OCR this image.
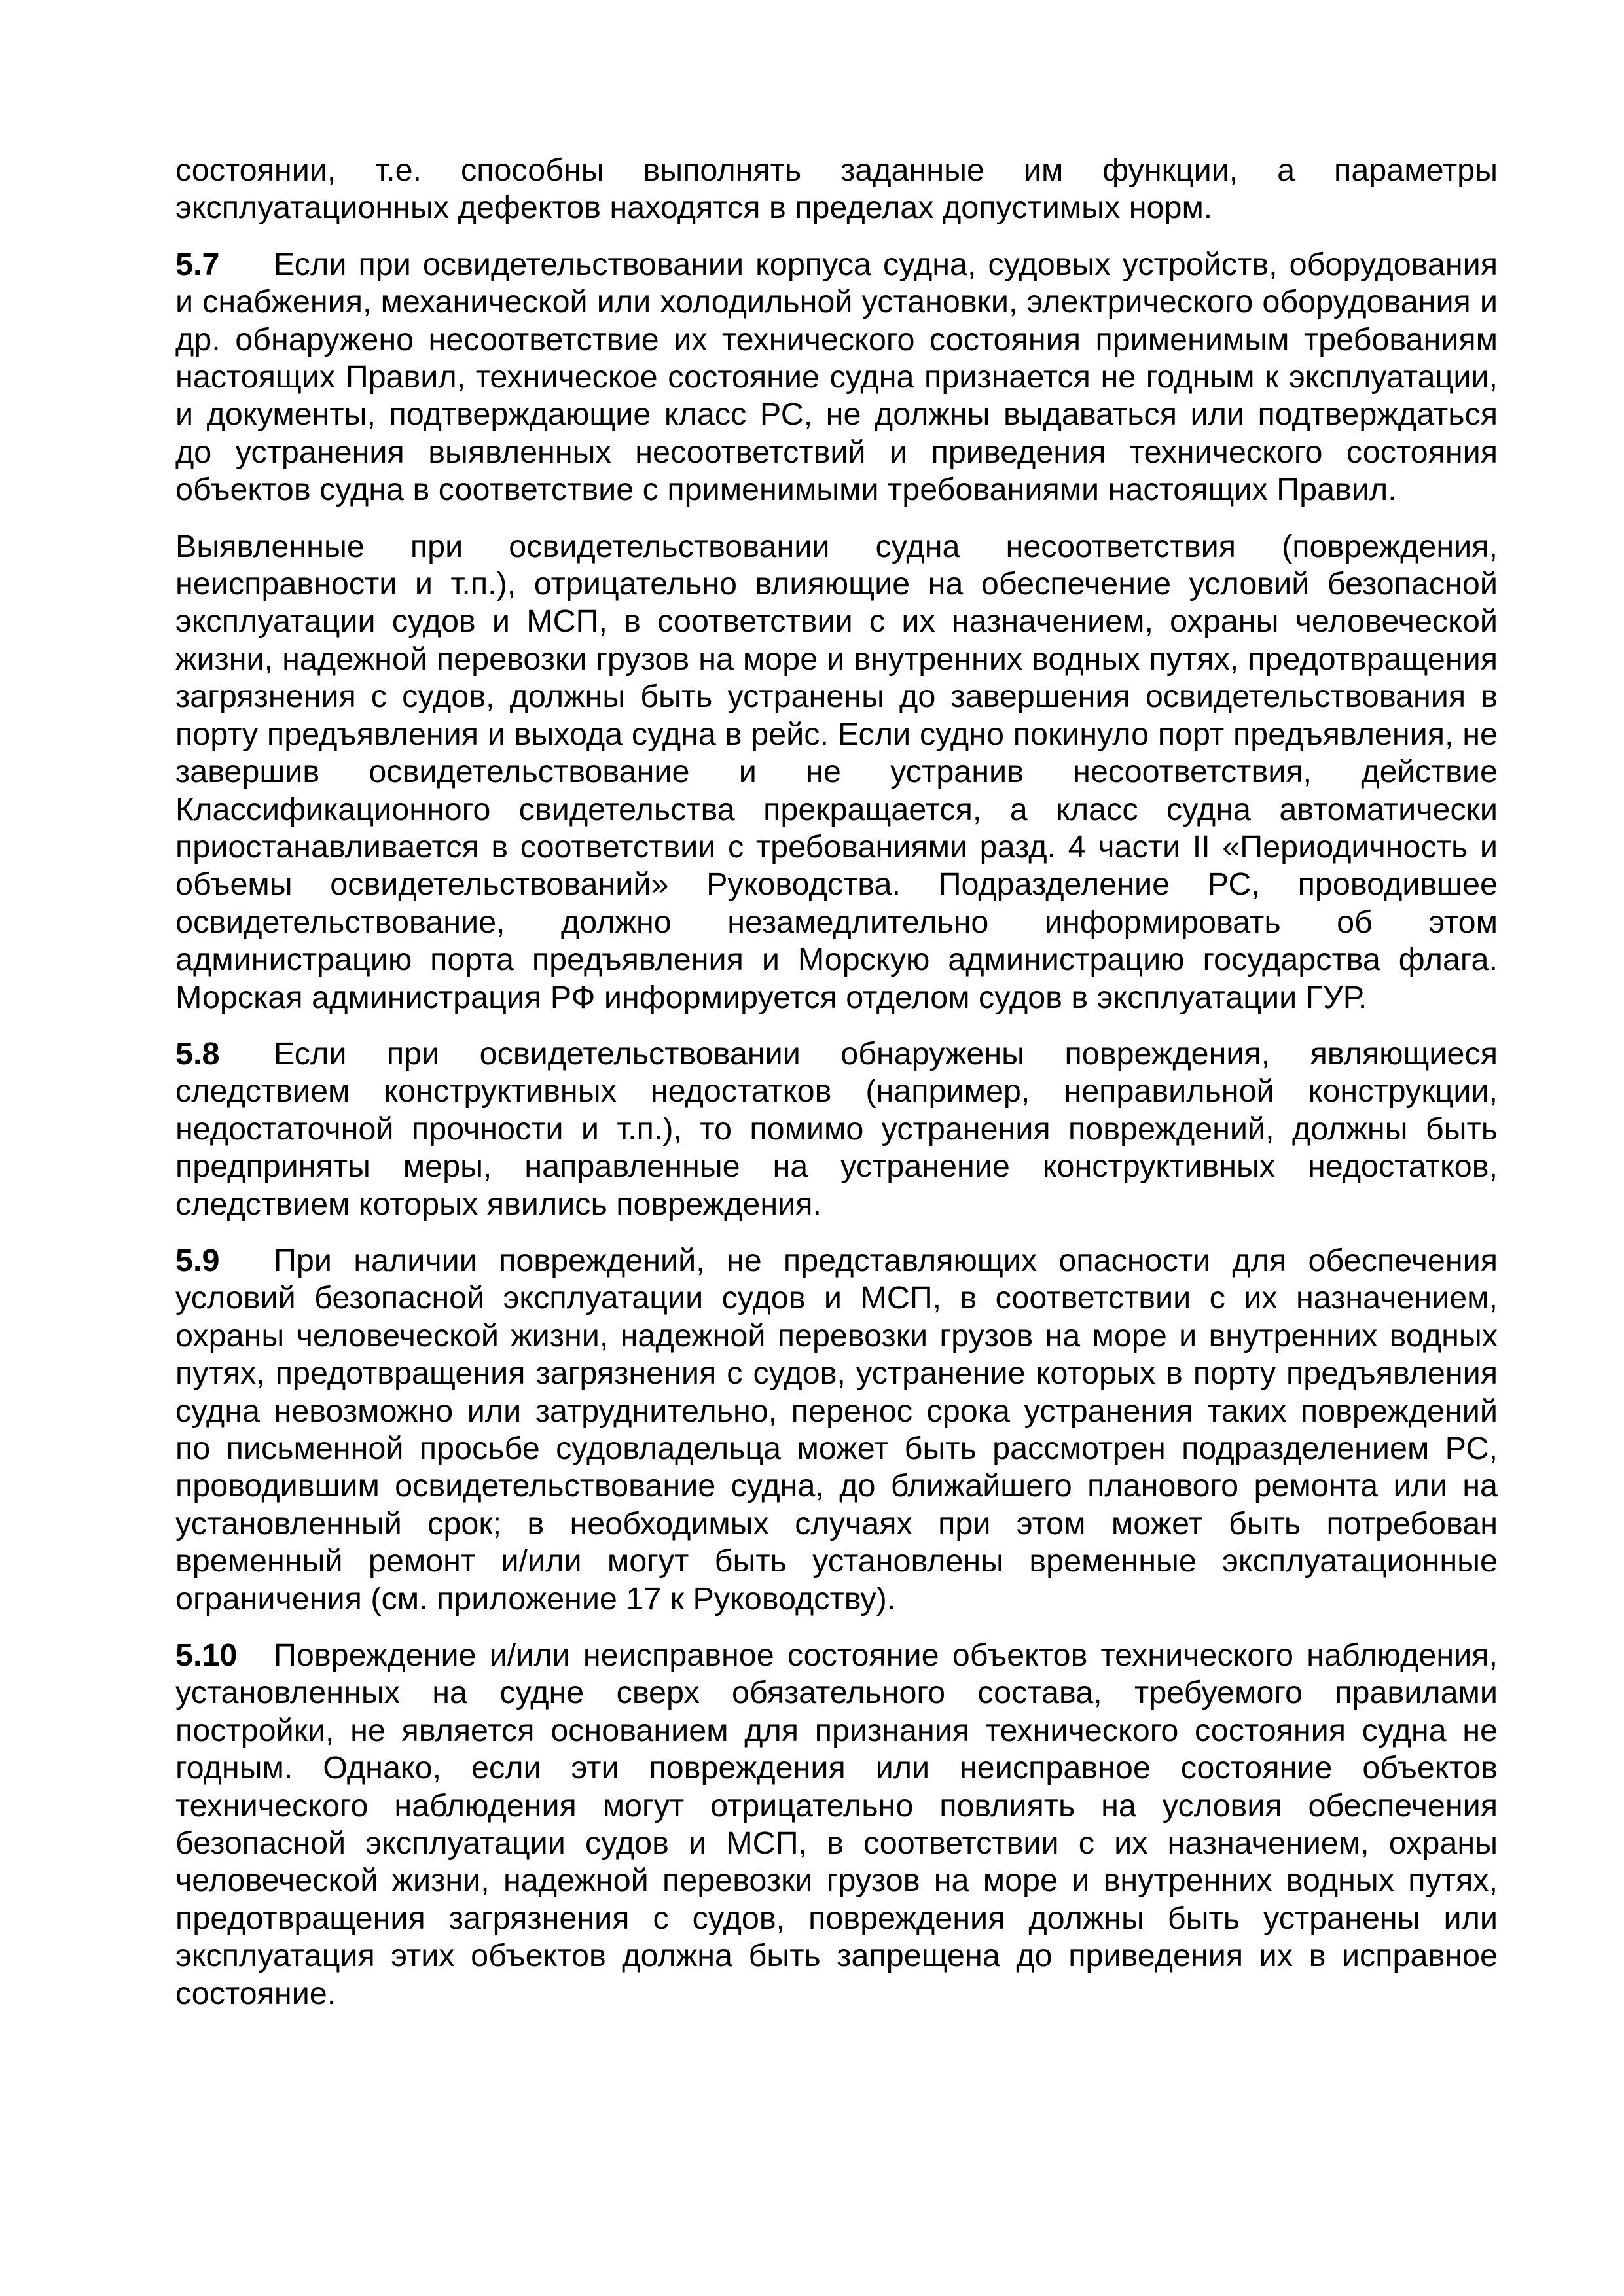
состоянии, т.е. способны выполнять заданные им функции, а параметры эксплуатационных дефектов находятся в пределах допустимых норм.

5.7 Если при освидетельствовании корпуса судна, судовых устройств, оборудования и снабжения, механической или холодильной установки, электрического оборудования и др. обнаружено несоответствие их технического состояния применимым требованиям настоящих Правил, техническое состояние судна признается не годным к эксплуатации, и документы, подтверждающие класс РС, не должны выдаваться или подтверждаться до устранения выявленных несоответствий и приведения технического состояния объектов судна в соответствие с применимыми требованиями настоящих Правил.

Выявленные при освидетельствовании судна несоответствия (повреждения, неисправности и т.п.), отрицательно влияющие на обеспечение условий безопасной эксплуатации судов и МСП, в соответствии с их назначением, охраны человеческой жизни, надежной перевозки грузов на море и внутренних водных путях, предотвращения загрязнения с судов, должны быть устранены до завершения освидетельствования в порту предъявления и выхода судна в рейс. Если судно покинуло порт предъявления, не завершив освидетельствование и не устранив несоответствия, действие Классификационного свидетельства прекращается, а класс судна автоматически приостанавливается в соответствии с требованиями разд. 4 части II «Периодичность и объемы освидетельствований» Руководства. Подразделение РС, проводившее освидетельствование, должно незамедлительно информировать об этом администрацию порта предъявления и Морскую администрацию государства флага. Морская администрация РФ информируется отделом судов в эксплуатации ГУР.

5.8 Если при освидетельствовании обнаружены повреждения, являющиеся следствием конструктивных недостатков (например, неправильной конструкции, недостаточной прочности и т.п.), то помимо устранения повреждений, должны быть предприняты меры, направленные на устранение конструктивных недостатков, следствием которых явились повреждения.

5.9 При наличии повреждений, не представляющих опасности для обеспечения условий безопасной эксплуатации судов и МСП, в соответствии с их назначением, охраны человеческой жизни, надежной перевозки грузов на море и внутренних водных путях, предотвращения загрязнения с судов, устранение которых в порту предъявления судна невозможно или затруднительно, перенос срока устранения таких повреждений по письменной просьбе судовладельца может быть рассмотрен подразделением РС, проводившим освидетельствование судна, до ближайшего планового ремонта или на установленный срок; в необходимых случаях при этом может быть потребован временный ремонт и/или могут быть установлены временные эксплуатационные ограничения (см. приложение 17 к Руководству).

5.10 Повреждение и/или неисправное состояние объектов технического наблюдения, установленных на судне сверх обязательного состава, требуемого правилами постройки, не является основанием для признания технического состояния судна не годным. Однако, если эти повреждения или неисправное состояние объектов технического наблюдения могут отрицательно повлиять на условия обеспечения безопасной эксплуатации судов и МСП, в соответствии с их назначением, охраны человеческой жизни, надежной перевозки грузов на море и внутренних водных путях, предотвращения загрязнения с судов, повреждения должны быть устранены или эксплуатация этих объектов должна быть запрещена до приведения их в исправное состояние.
